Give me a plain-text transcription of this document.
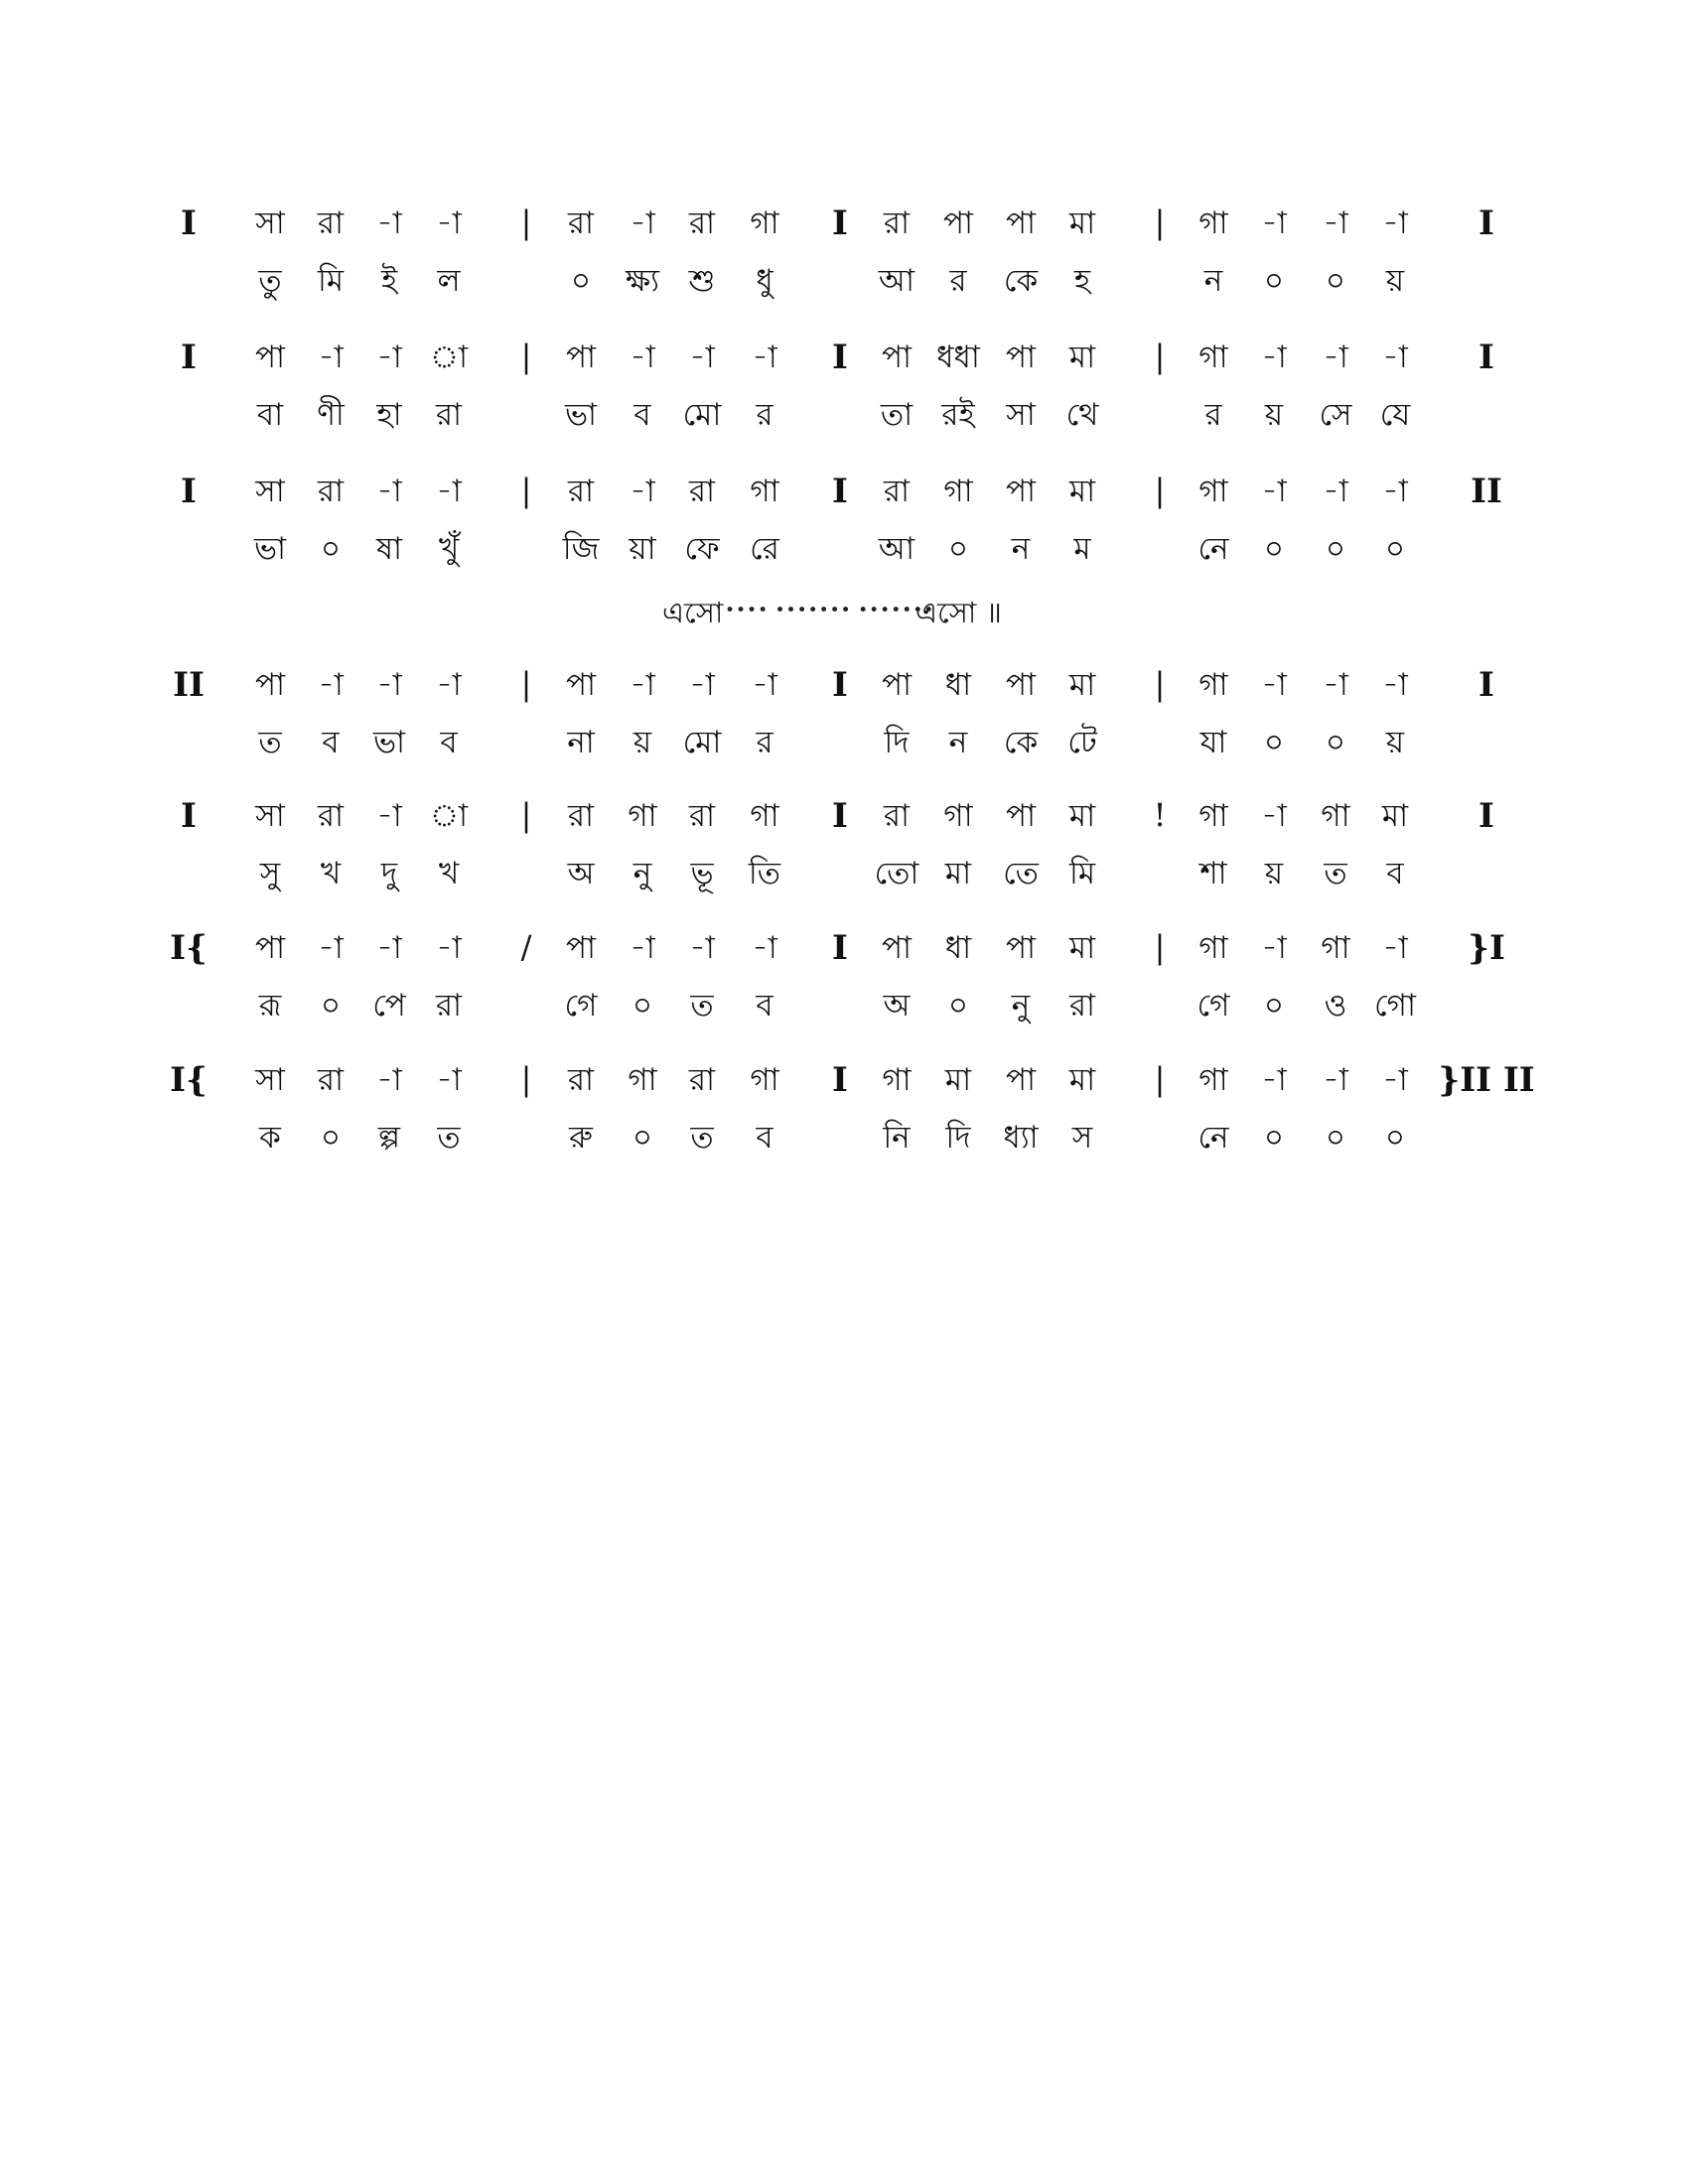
I সা রা -া -া | রা -া রা গা I রা পা পা মা | গা -া -া -া I
তু মি ই ল	০ ক্ষ্য শু ধু	আ র কে হ	ন ০ ০ য়
I পা -া -া া | পা -া -া -া I পা ধধা পা মা | গা -া -া -া I
বা ণী হা রা	ভা ব মো র	তা রই সা থে	র য় সে যে
I সা রা -া -া | রা -া রা গা I রা গা পা মা | গা -া -া -া II
ভা ০ ষা খুঁ	জি য়া ফে রে	আ ০ ন ম	নে ০ ০ ০
II পা -া -া -া | পা -া -া -া I পা ধা পা মা | গা -া -া -া I
ত ব ভা ব	না য় মো র	দি ন কে টে	যা ০ ০ য়
I সা রা -া া | রা গা রা গা I রা গা পা মা ! গা -া গা মা I
সু খ দু খ	অ নু ভূ তি	তো মা তে মি	শা য় ত ব
I{ পা -া -া -া / পা -া -া -া I পা ধা পা মা | গা -া গা -া }I
রূ ০ পে রা	গে ০ ত ব	অ ০ নু রা	গে ০ ও গো
I{ সা রা -া -া | রা গা রা গা I গা মা পা মা | গা -া -া -া }II II
ক ০ ল্প ত	রু ০ ত ব	নি দি ধ্যা স	নে ০ ০ ০
এসো •••• ••••••• •••••••
এসো ॥
